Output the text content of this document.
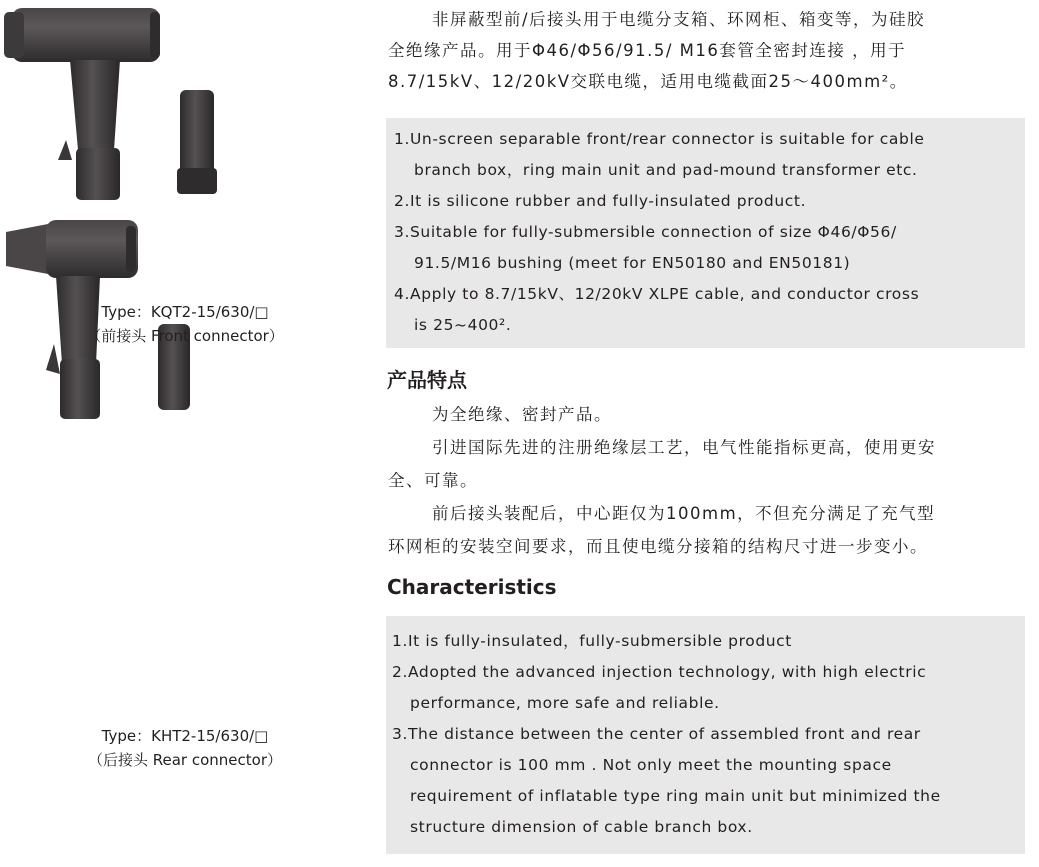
Type：KQT2-15/630/□
（前接头 Front connector）
Type：KHT2-15/630/□
（后接头 Rear connector）

非屏蔽型前/后接头用于电缆分支箱、环网柜、箱变等，为硅胶

全绝缘产品。用于Φ46/Φ56/91.5/ M16套管全密封连接 ，用于

8.7/15kV、12/20kV交联电缆，适用电缆截面25～400mm²。

1.Un-screen separable front/rear connector is suitable for cable

branch box，ring main unit and pad-mound transformer etc.

2.It is silicone rubber and fully-insulated product.

3.Suitable for fully-submersible connection of size Φ46/Φ56/

91.5/M16 bushing (meet for EN50180 and EN50181)

4.Apply to 8.7/15kV、12/20kV XLPE cable, and conductor cross

is 25~400².

产品特点

为全绝缘、密封产品。

引进国际先进的注册绝缘层工艺，电气性能指标更高，使用更安

全、可靠。

前后接头装配后，中心距仅为100mm，不但充分满足了充气型

环网柜的安装空间要求，而且使电缆分接箱的结构尺寸进一步变小。

Characteristics

1.It is fully-insulated，fully-submersible product

2.Adopted the advanced injection technology, with high electric

performance, more safe and reliable.

3.The distance between the center of assembled front and rear

connector is 100 mm . Not only meet the mounting space

requirement of inflatable type ring main unit but minimized the

structure dimension of cable branch box.
